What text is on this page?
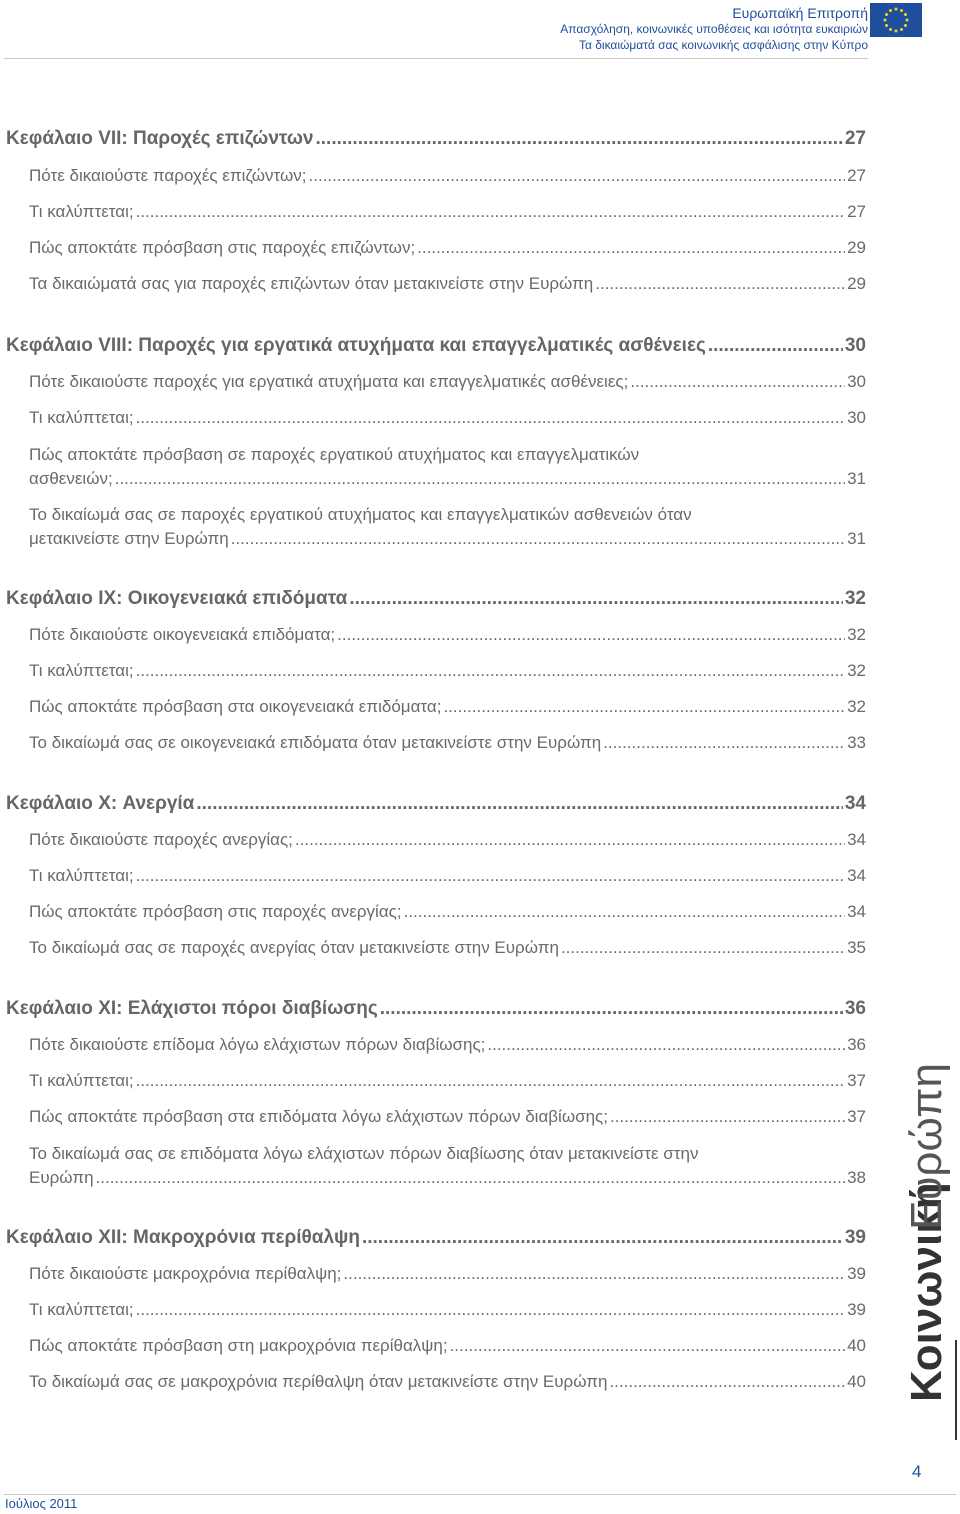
Ευρωπαϊκή Επιτροπή
Απασχόληση, κοινωνικές υποθέσεις και ισότητα ευκαιριών
Τα δικαιώματά σας κοινωνικής ασφάλισης στην Κύπρο
Κεφάλαιο VII: Παροχές επιζώντων .....	27
Πότε δικαιούστε παροχές επιζώντων; .....	27
Τι καλύπτεται; .....	27
Πώς αποκτάτε πρόσβαση στις παροχές επιζώντων; .....	29
Τα δικαιώματά σας για παροχές επιζώντων όταν μετακινείστε στην Ευρώπη .....	29
Κεφάλαιο VIII: Παροχές για εργατικά ατυχήματα και επαγγελματικές ασθένειες .....	30
Πότε δικαιούστε παροχές για εργατικά ατυχήματα και επαγγελματικές ασθένειες; .....	30
Τι καλύπτεται; .....	30
Πώς αποκτάτε πρόσβαση σε παροχές εργατικού ατυχήματος και επαγγελματικών
ασθενειών; .....	31
Το δικαίωμά σας σε παροχές εργατικού ατυχήματος και επαγγελματικών ασθενειών όταν
μετακινείστε στην Ευρώπη .....	31
Κεφάλαιο IX: Οικογενειακά επιδόματα .....	32
Πότε δικαιούστε οικογενειακά επιδόματα; .....	32
Τι καλύπτεται; .....	32
Πώς αποκτάτε πρόσβαση στα οικογενειακά επιδόματα; .....	32
Το δικαίωμά σας σε οικογενειακά επιδόματα όταν μετακινείστε στην Ευρώπη .....	33
Κεφάλαιο X: Ανεργία .....	34
Πότε δικαιούστε παροχές ανεργίας; .....	34
Τι καλύπτεται; .....	34
Πώς αποκτάτε πρόσβαση στις παροχές ανεργίας; .....	34
Το δικαίωμά σας σε παροχές ανεργίας όταν μετακινείστε στην Ευρώπη .....	35
Κεφάλαιο XI: Ελάχιστοι πόροι διαβίωσης .....	36
Πότε δικαιούστε επίδομα λόγω ελάχιστων πόρων διαβίωσης; .....	36
Τι καλύπτεται; .....	37
Πώς αποκτάτε πρόσβαση στα επιδόματα λόγω ελάχιστων πόρων διαβίωσης; .....	37
Το δικαίωμά σας σε επιδόματα λόγω ελάχιστων πόρων διαβίωσης όταν μετακινείστε στην
Ευρώπη .....	38
Κεφάλαιο XII: Μακροχρόνια περίθαλψη .....	39
Πότε δικαιούστε μακροχρόνια περίθαλψη; .....	39
Τι καλύπτεται; .....	39
Πώς αποκτάτε πρόσβαση στη μακροχρόνια περίθαλψη; .....	40
Το δικαίωμά σας σε μακροχρόνια περίθαλψη όταν μετακινείστε στην Ευρώπη .....	40 Κοινωνική
Ευρώπη
4
Ιούλιος 2011
